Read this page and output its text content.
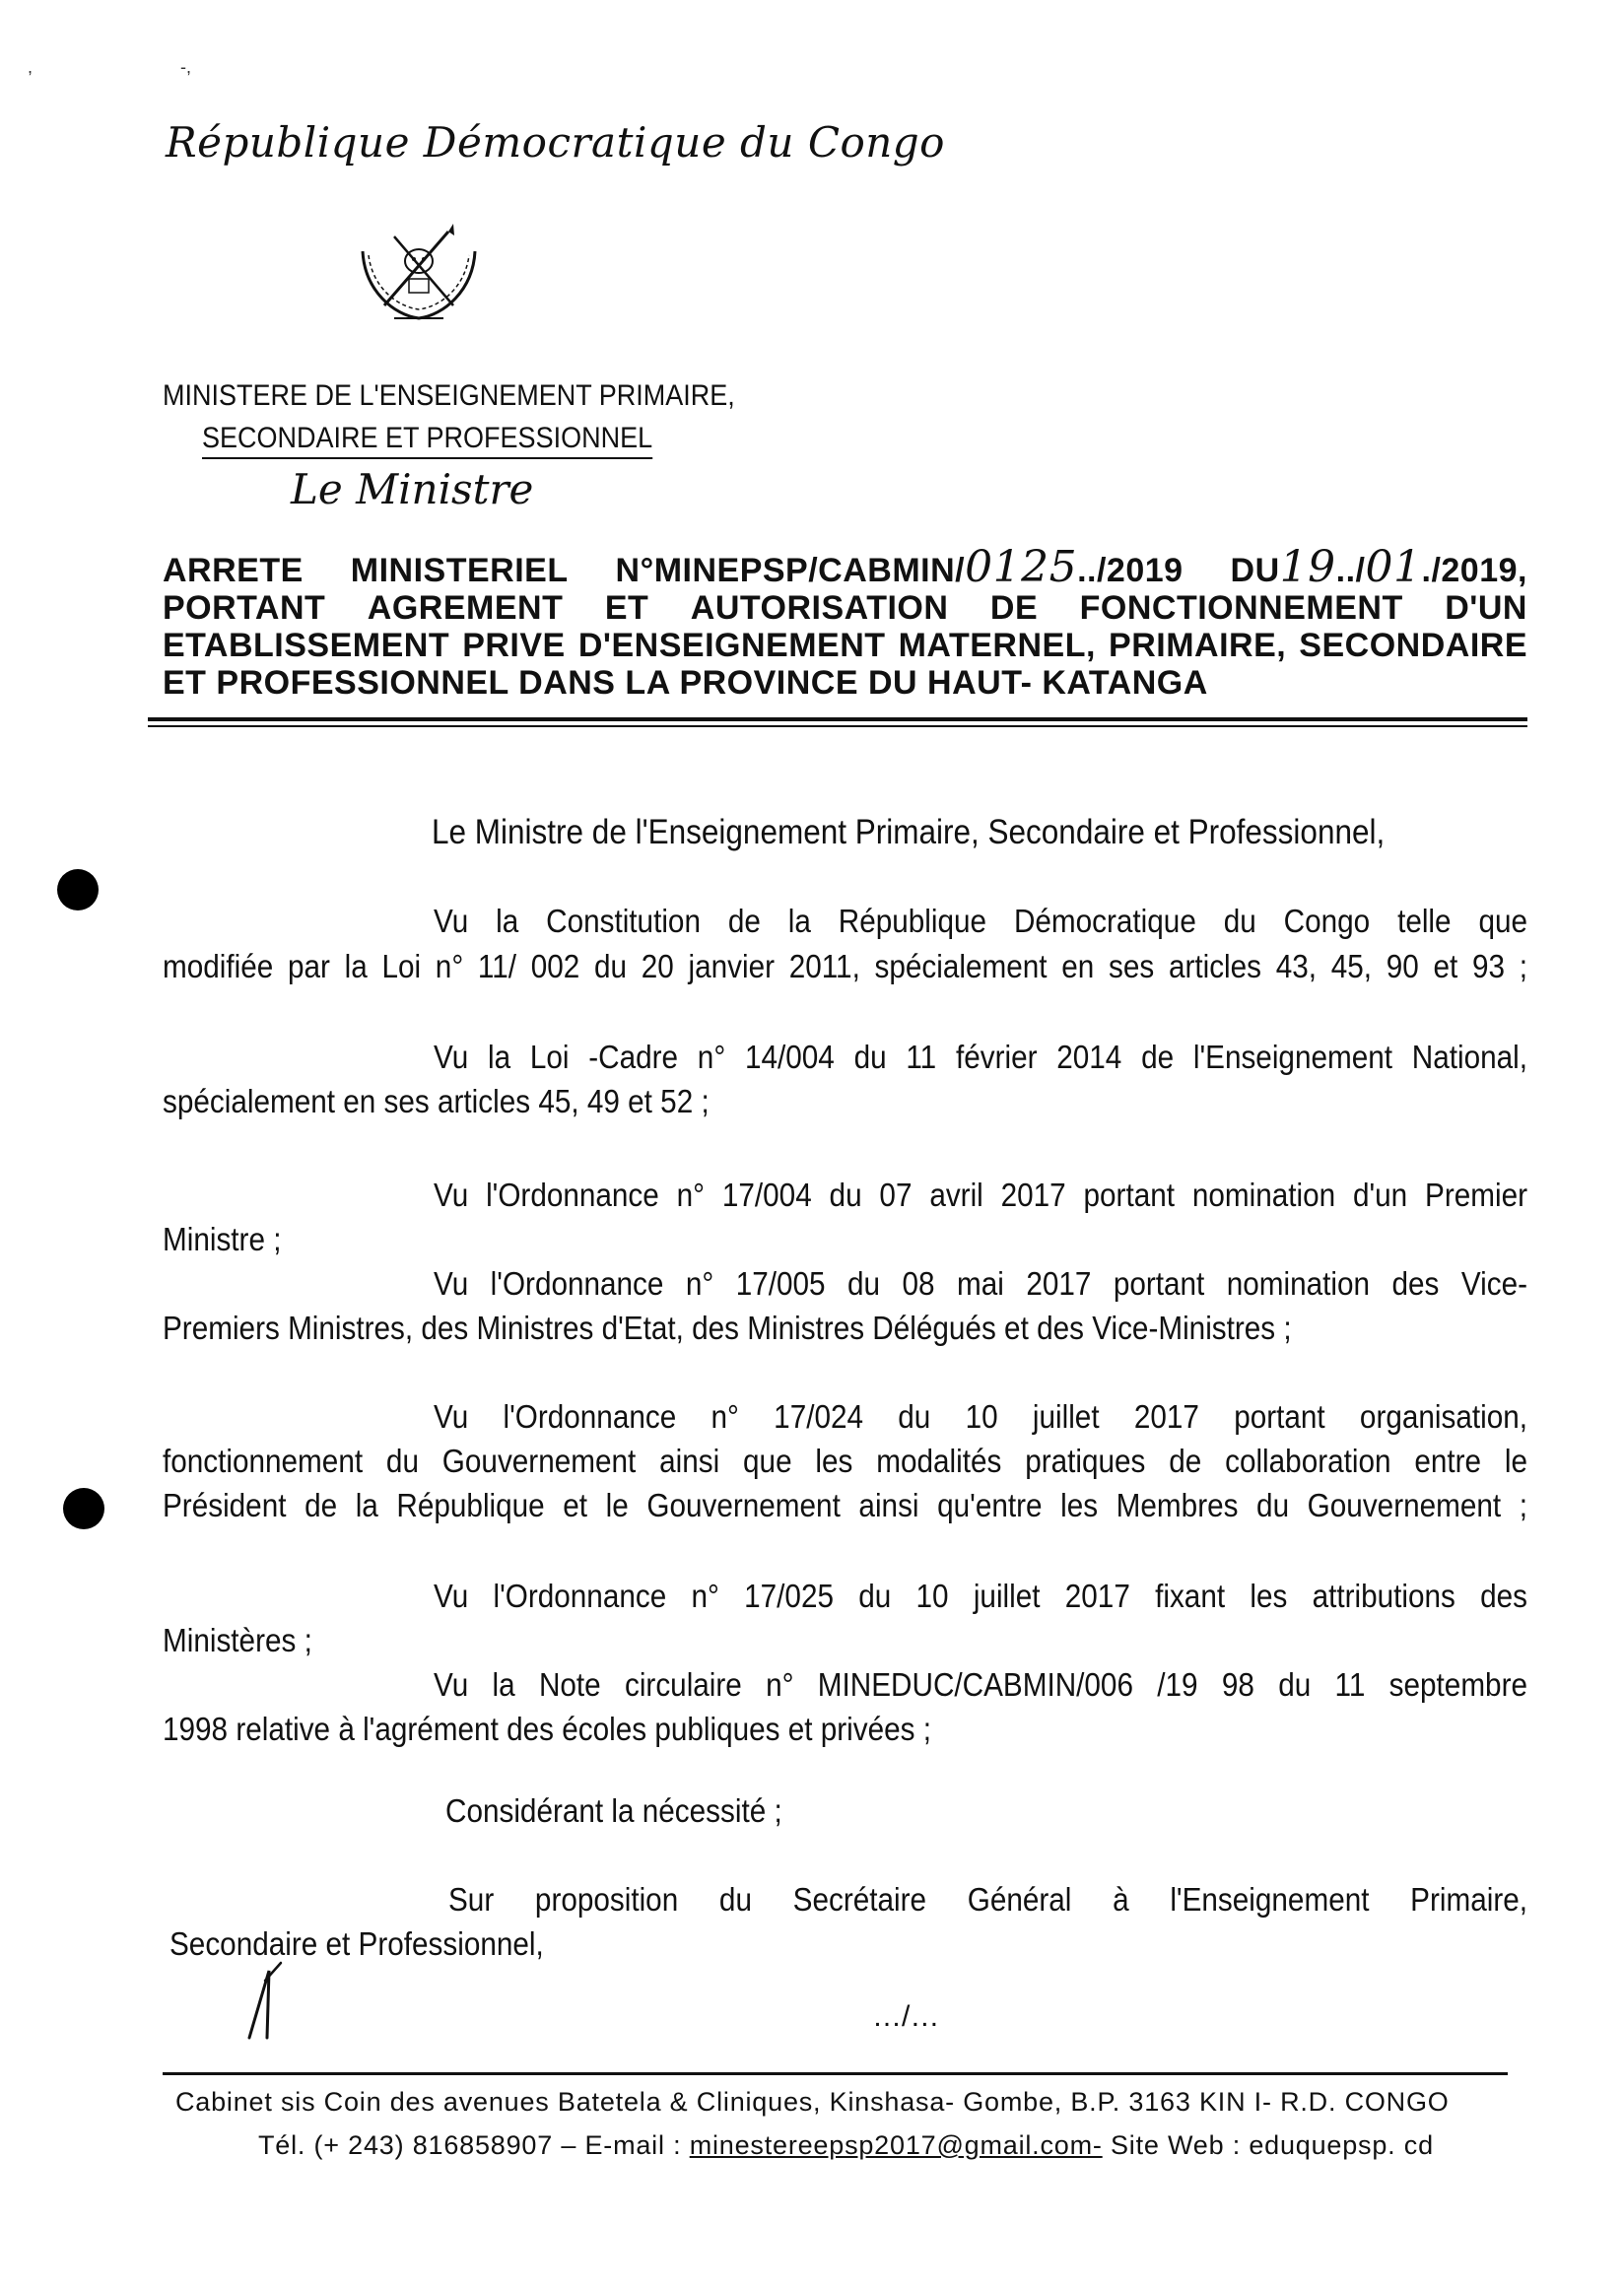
,                              -,
République Démocratique du Congo
MINISTERE DE L'ENSEIGNEMENT PRIMAIRE,
SECONDAIRE ET PROFESSIONNEL
Le Ministre
ARRETE MINISTERIEL N°MINEPSP/CABMIN/0125../2019 DU19../01./2019,
PORTANT AGREMENT ET AUTORISATION DE FONCTIONNEMENT D'UN
ETABLISSEMENT PRIVE D'ENSEIGNEMENT MATERNEL, PRIMAIRE, SECONDAIRE
ET PROFESSIONNEL DANS LA PROVINCE DU HAUT- KATANGA
Le Ministre de l'Enseignement Primaire, Secondaire et Professionnel,
Vu la Constitution de la République Démocratique du Congo telle que
modifiée par la Loi n° 11/ 002 du 20 janvier 2011, spécialement en ses articles 43, 45, 90 et 93 ;
Vu la Loi -Cadre n° 14/004 du 11 février 2014 de l'Enseignement National,
spécialement en ses articles 45, 49 et 52 ;
Vu l'Ordonnance n° 17/004 du 07 avril 2017 portant nomination d'un Premier
Ministre ;
Vu l'Ordonnance n° 17/005 du 08 mai 2017 portant nomination des Vice-
Premiers Ministres, des Ministres d'Etat, des Ministres Délégués et des Vice-Ministres ;
Vu l'Ordonnance n° 17/024 du 10 juillet 2017 portant organisation,
fonctionnement du Gouvernement ainsi que les modalités pratiques de collaboration entre le
Président de la République et le Gouvernement ainsi qu'entre les Membres du Gouvernement ;
Vu l'Ordonnance n° 17/025 du 10 juillet 2017 fixant les attributions des
Ministères ;
Vu la Note circulaire n° MINEDUC/CABMIN/006 /19 98 du 11 septembre
1998 relative à l'agrément des écoles publiques et privées ;
Considérant la nécessité ;
Sur proposition du Secrétaire Général à l'Enseignement Primaire,
Secondaire et Professionnel,
…/…
Cabinet sis Coin des avenues Batetela & Cliniques, Kinshasa- Gombe, B.P. 3163 KIN I- R.D. CONGO
Tél. (+ 243) 816858907 – E-mail : minestereepsp2017@gmail.com- Site Web : eduquepsp. cd
